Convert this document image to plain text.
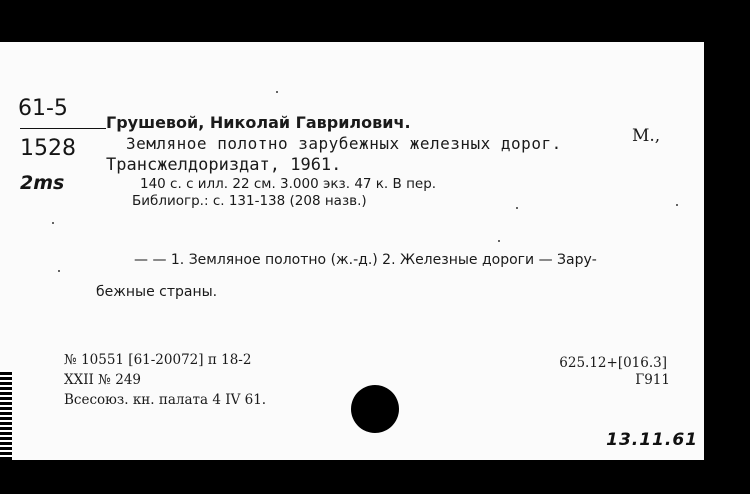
61-5
1528
2ms
Грушевой, Николай Гаврилович.
Земляное полотно зарубежных железных дорог.	М.,
Трансжелдориздат, 1961.
140 с. с илл. 22 см. 3.000 экз. 47 к. В пер.
Библиогр.: с. 131-138 (208 назв.)
— — 1. Земляное полотно (ж.-д.) 2. Железные дороги — Зару-
бежные страны.
№ 10551 [61-20072] п 18-2
XXII № 249
Всесоюз. кн. палата 4 IV 61.
625.12+[016.3]
Г911
13.11.61
